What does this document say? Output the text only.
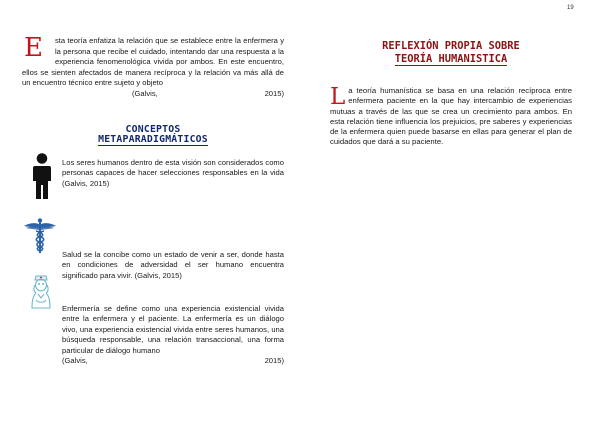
19
E sta teoría enfatiza la relación que se establece entre la enfermera y la persona que recibe el cuidado, intentando dar una respuesta a la experiencia fenomenológica vivida por ambos. En este encuentro, ellos se sienten afectados de manera recíproca y la relación va más allá de un encuentro técnico entre sujeto y objeto
(Galvis,	2015)
CONCEPTOS
METAPARADIGMÁTICOS
Los seres humanos dentro de esta visión son considerados como personas capaces de hacer selecciones responsables en la vida (Galvis, 2015)
Salud se la concibe como un estado de venir a ser, donde hasta en condiciones de adversidad el ser humano encuentra significado para vivir. (Galvis, 2015)
Enfermería se define como una experiencia existencial vivida entre la enfermera y el paciente. La enfermería es un diálogo vivo, una experiencia existencial vivida entre seres humanos, una búsqueda responsable, una relación transaccional, una forma particular de diálogo humano
(Galvis,	2015)
REFLEXIÓN PROPIA SOBRE
TEORÍA HUMANISTICA
La teoría humanística se basa en una relación recíproca entre enfermera paciente en la que hay intercambio de experiencias mutuas a través de las que se crea un crecimiento para ambos. En esta relación tiene influencia los prejuicios, pre saberes y experiencias de la enfermera quien puede basarse en ellas para generar el plan de cuidados que dará a su paciente.
